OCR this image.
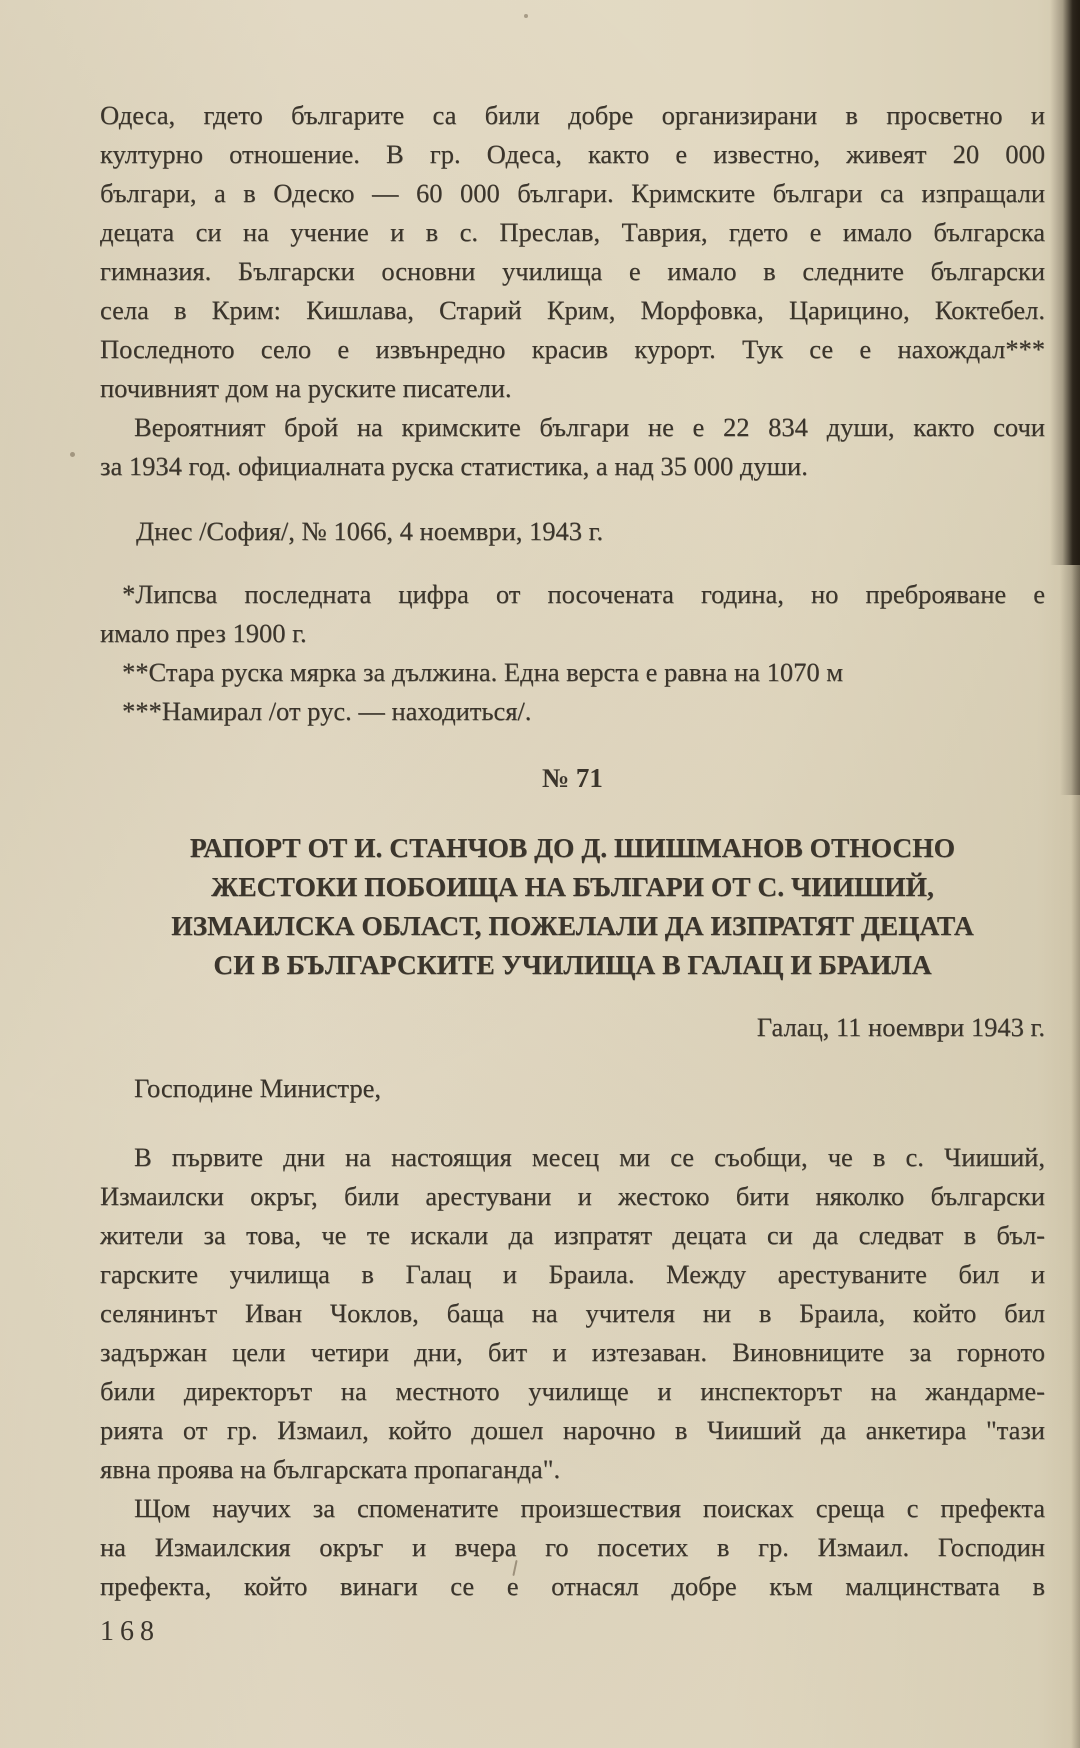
Одеса, гдето българите са били добре организирани в просветно и
културно отношение. В гр. Одеса, както е известно, живеят 20 000
българи, а в Одеско — 60 000 българи. Кримските българи са изпращали
децата си на учение и в с. Преслав, Таврия, гдето е имало българска
гимназия. Български основни училища е имало в следните български
села в Крим: Кишлава, Старий Крим, Морфовка, Царицино, Коктебел.
Последното село е извънредно красив курорт. Тук се е нахождал***
почивният дом на руските писатели.
Вероятният брой на кримските българи не е 22 834 души, както сочи
за 1934 год. официалната руска статистика, а над 35 000 души.
Днес /София/, № 1066, 4 ноември, 1943 г.
*Липсва последната цифра от посочената година, но преброяване е
имало през 1900 г.
**Стара руска мярка за дължина. Една верста е равна на 1070 м
***Намирал /от рус. — находиться/.
№ 71
РАПОРТ ОТ И. СТАНЧОВ ДО Д. ШИШМАНОВ ОТНОСНО
ЖЕСТОКИ ПОБОИЩА НА БЪЛГАРИ ОТ С. ЧИИШИЙ,
ИЗМАИЛСКА ОБЛАСТ, ПОЖЕЛАЛИ ДА ИЗПРАТЯТ ДЕЦАТА
СИ В БЪЛГАРСКИТЕ УЧИЛИЩА В ГАЛАЦ И БРАИЛА
Галац, 11 ноември 1943 г.
Господине Министре,
В първите дни на настоящия месец ми се съобщи, че в с. Чииший,
Измаилски окръг, били арестувани и жестоко бити няколко български
жители за това, че те искали да изпратят децата си да следват в бъл-
гарските училища в Галац и Браила. Между арестуваните бил и
селянинът Иван Чоклов, баща на учителя ни в Браила, който бил
задържан цели четири дни, бит и изтезаван. Виновниците за горното
били директорът на местното училище и инспекторът на жандарме-
рията от гр. Измаил, който дошел нарочно в Чииший да анкетира "тази
явна проява на българската пропаганда".
Щом научих за споменатите произшествия поисках среща с префекта
на Измаилския окръг и вчера го посетих в гр. Измаил. Господин
префекта, който винаги се е отнасял добре към малцинствата в
168
